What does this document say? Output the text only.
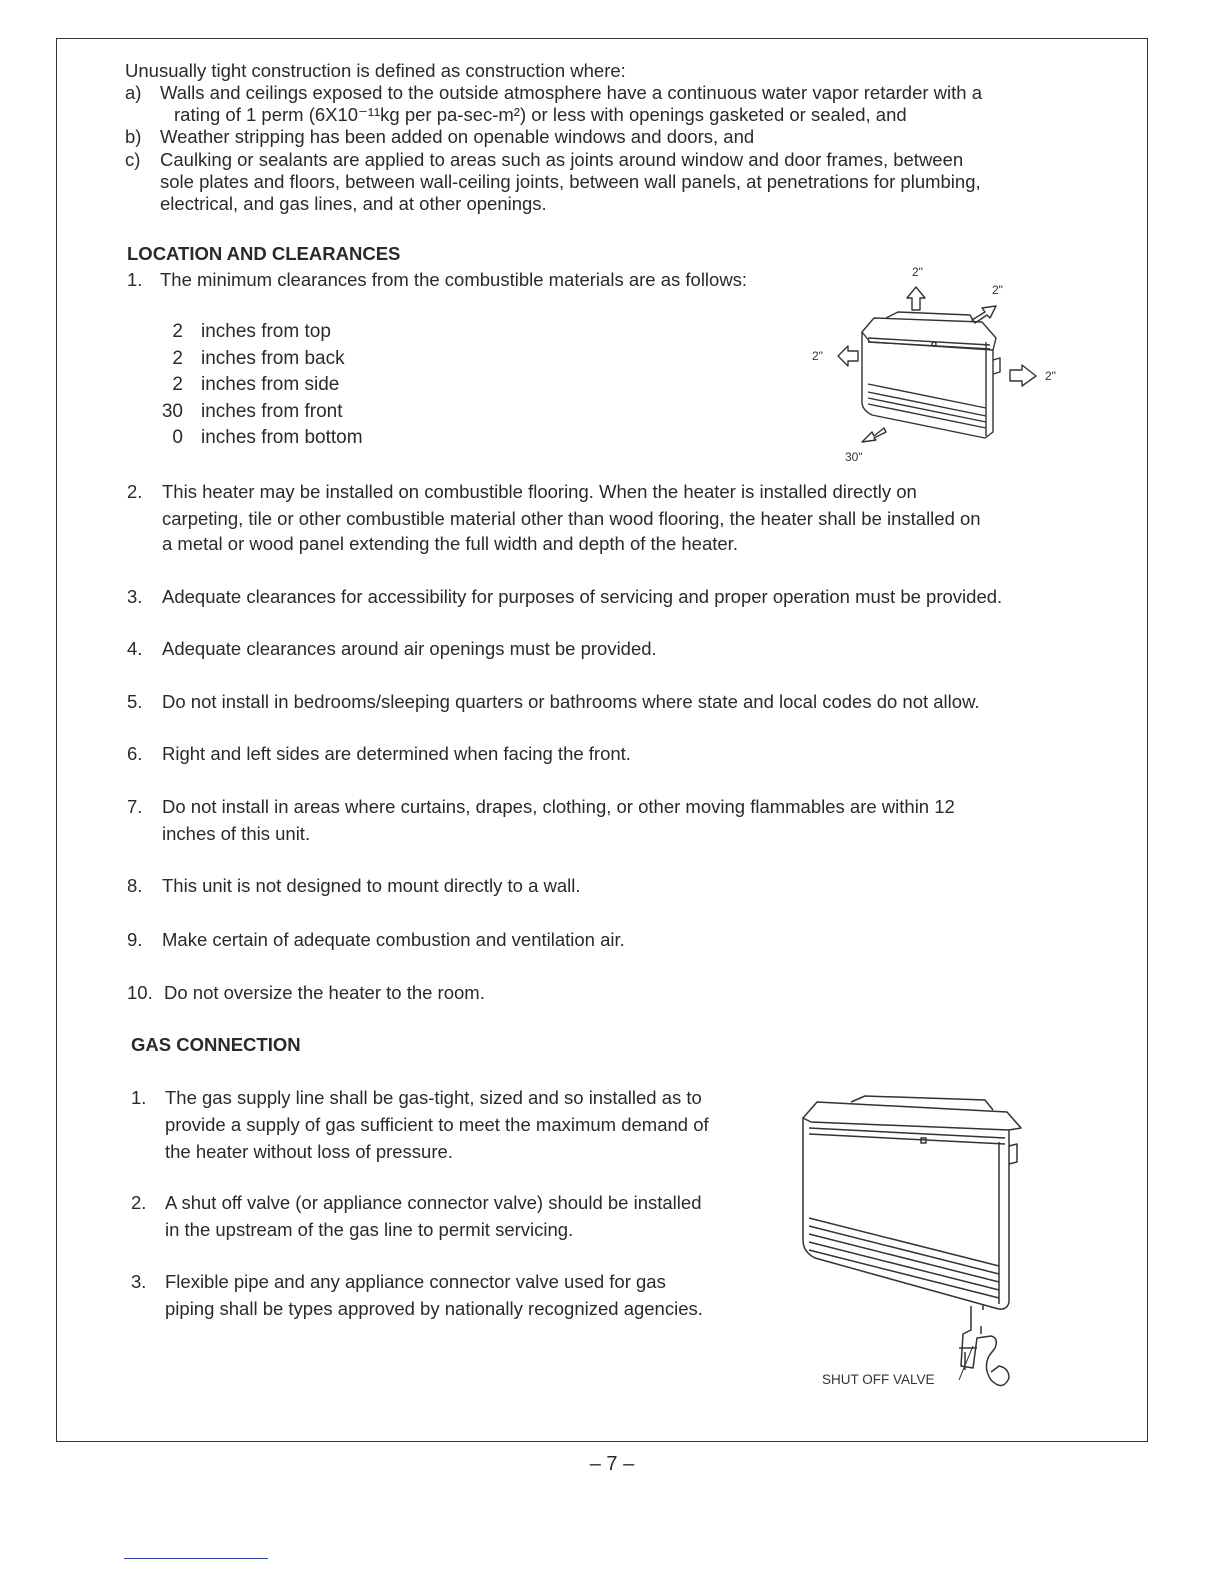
Unusually tight construction is defined as construction where:
a) Walls and ceilings exposed to the outside atmosphere have a continuous water vapor retarder with a
rating of 1 perm (6X10⁻¹¹kg per pa-sec-m²) or less with openings gasketed or sealed, and
b) Weather stripping has been added on openable windows and doors, and
c) Caulking or sealants are applied to areas such as joints around window and door frames, between
sole plates and floors, between wall-ceiling joints, between wall panels, at penetrations for plumbing,
electrical, and gas lines, and at other openings.
LOCATION AND CLEARANCES
1. The minimum clearances from the combustible materials are as follows:
2 inches from top
2 inches from back
2 inches from side
30 inches from front
0 inches from bottom
2"
2"
2"
2"
30"
2. This heater may be installed on combustible flooring. When the heater is installed directly on
carpeting, tile or other combustible material other than wood flooring, the heater shall be installed on
a metal or wood panel extending the full width and depth of the heater.
3. Adequate clearances for accessibility for purposes of servicing and proper operation must be provided.
4. Adequate clearances around air openings must be provided.
5. Do not install in bedrooms/sleeping quarters or bathrooms where state and local codes do not allow.
6. Right and left sides are determined when facing the front.
7. Do not install in areas where curtains, drapes, clothing, or other moving flammables are within 12
inches of this unit.
8. This unit is not designed to mount directly to a wall.
9. Make certain of adequate combustion and ventilation air.
10. Do not oversize the heater to the room.
GAS CONNECTION
1. The gas supply line shall be gas-tight, sized and so installed as to
provide a supply of gas sufficient to meet the maximum demand of
the heater without loss of pressure.
2. A shut off valve (or appliance connector valve) should be installed
in the upstream of the gas line to permit servicing.
3. Flexible pipe and any appliance connector valve used for gas
piping shall be types approved by nationally recognized agencies.
SHUT OFF VALVE
– 7 –
